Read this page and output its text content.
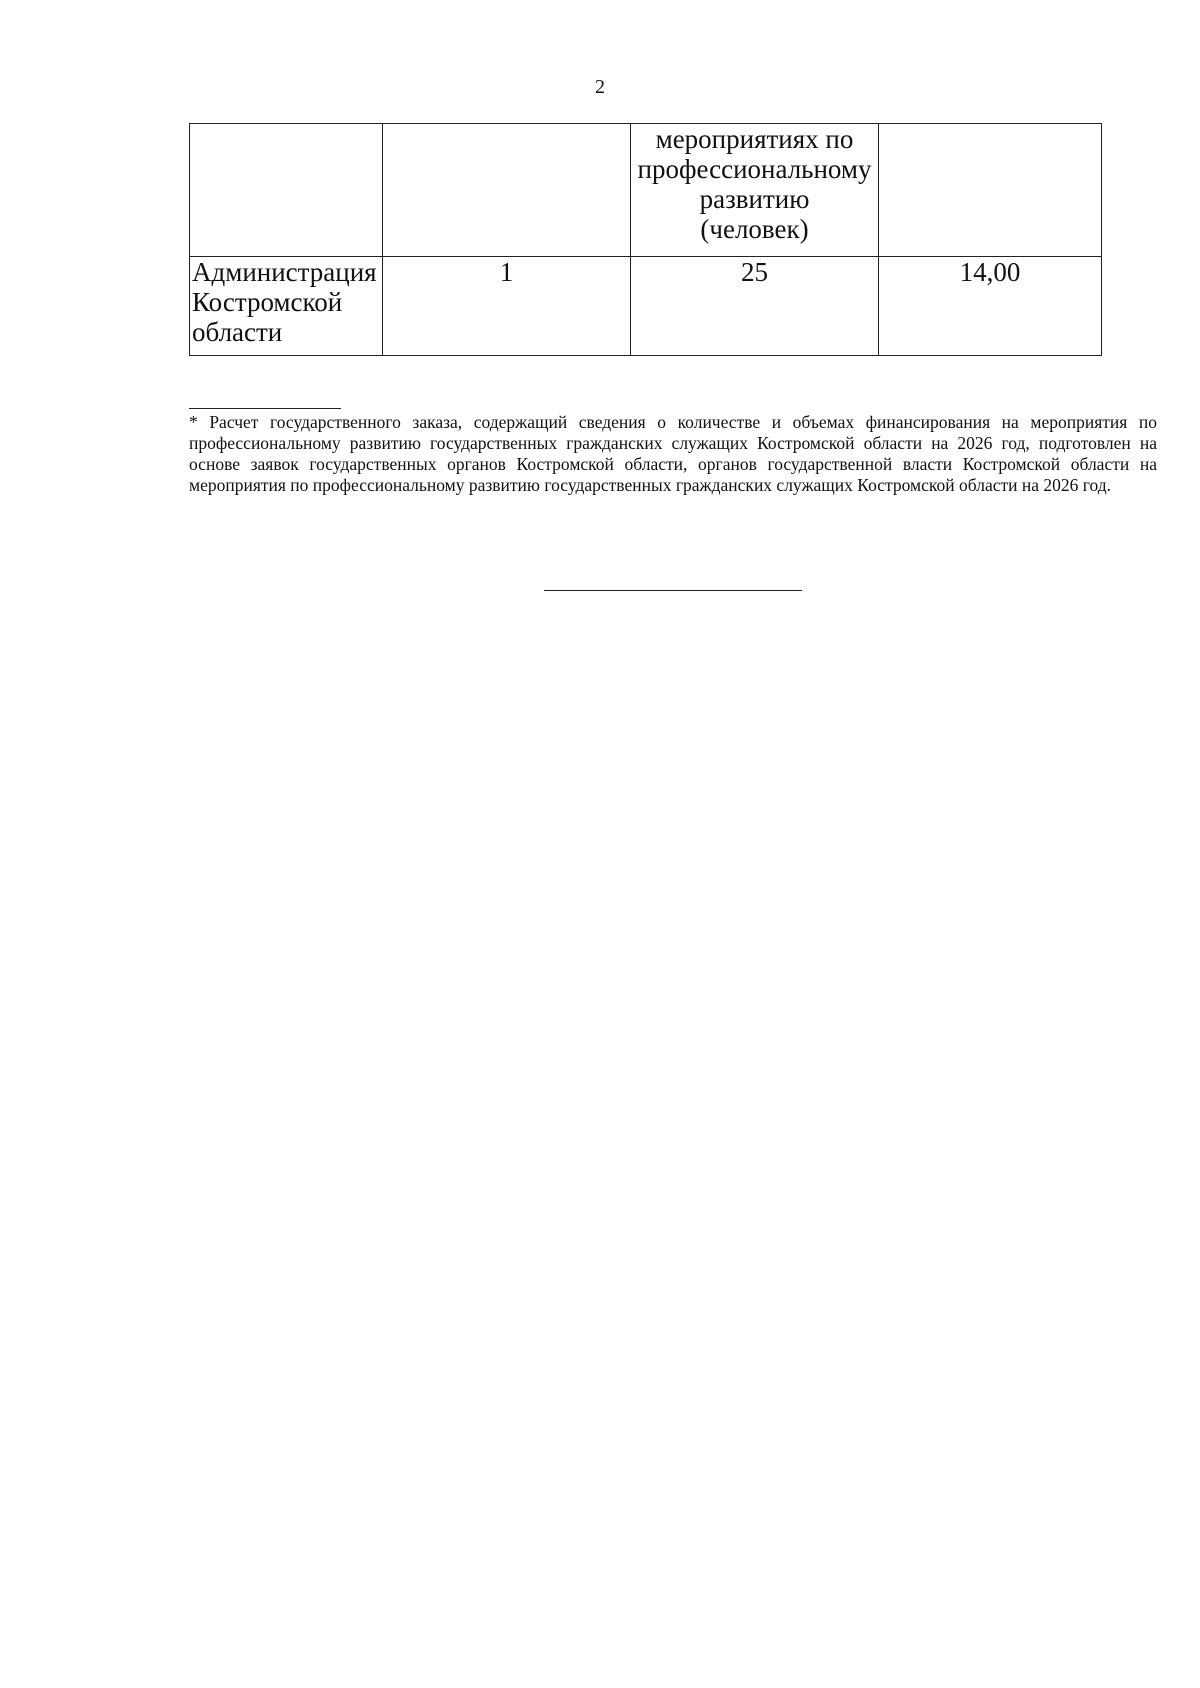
2
		мероприятиях по
профессиональному
развитию
(человек)	
Администрация
Костромской
области	1	25	14,00
* Расчет государственного заказа, содержащий сведения о количестве и объемах финансирования на мероприятия по профессиональному развитию государственных гражданских служащих Костромской области на 2026 год, подготовлен на основе заявок государственных органов Костромской области, органов государственной власти Костромской области на мероприятия по профессиональному развитию государственных гражданских служащих Костромской области на 2026 год.
